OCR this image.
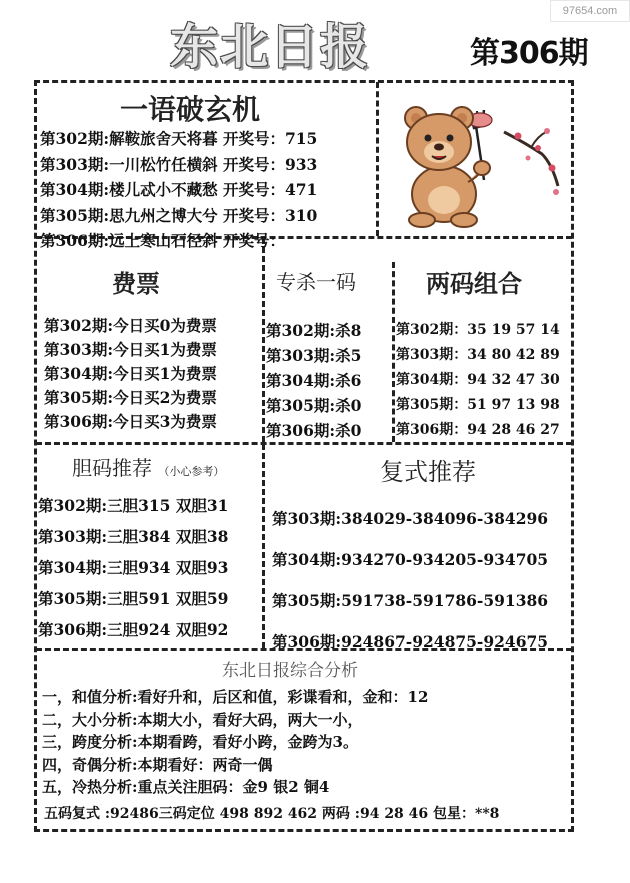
97654.com
东北日报	第306期
一语破玄机
第302期:解鞍旅舍天将暮 开奖号：715
第303期:一川松竹任横斜 开奖号：933
第304期:楼儿忒小不藏愁 开奖号：471
第305期:思九州之博大兮 开奖号：310
第306期:远上寒山石径斜 开奖号：
费票
第302期:今日买0为费票
第303期:今日买1为费票
第304期:今日买1为费票
第305期:今日买2为费票
第306期:今日买3为费票
专杀一码
第302期:杀8
第303期:杀5
第304期:杀6
第305期:杀0
第306期:杀0
两码组合
第302期：35 19 57 14
第303期：34 80 42 89
第304期：94 32 47 30
第305期：51 97 13 98
第306期：94 28 46 27
胆码推荐 （小心参考）
第302期:三胆315 双胆31
第303期:三胆384 双胆38
第304期:三胆934 双胆93
第305期:三胆591 双胆59
第306期:三胆924 双胆92
复式推荐
第303期:384029-384096-384296
第304期:934270-934205-934705
第305期:591738-591786-591386
第306期:924867-924875-924675
东北日报综合分析
一，和值分析:看好升和，后区和值，彩谍看和，金和：12
二，大小分析:本期大小，看好大码，两大一小，
三，跨度分析:本期看跨，看好小跨，金跨为3。
四，奇偶分析:本期看好：两奇一偶
五，冷热分析:重点关注胆码：金9 银2 铜4
五码复式 :92486三码定位 498 892 462 两码 :94 28 46 包星：**8
